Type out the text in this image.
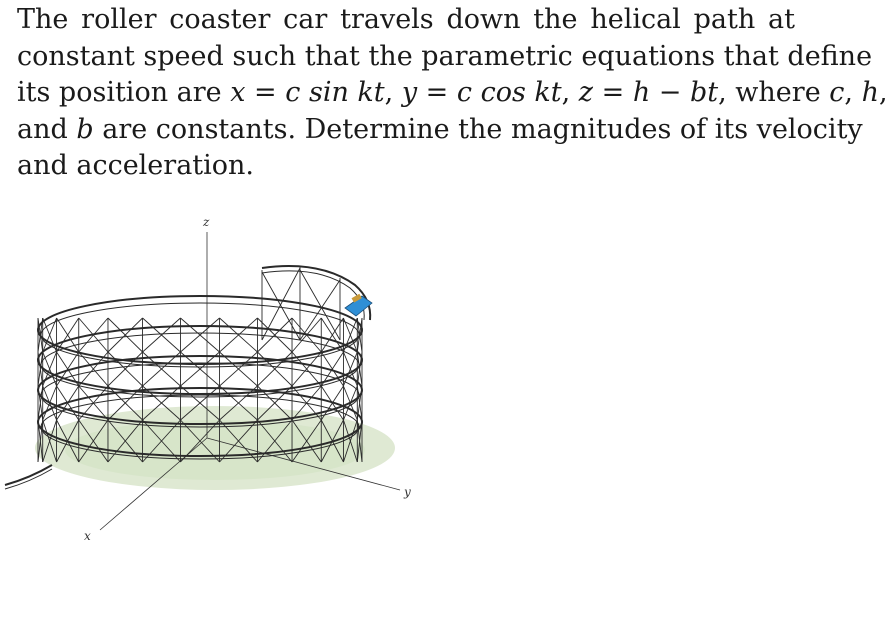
The roller coaster car travels down the helical path at
constant speed such that the parametric equations that define
its position are x = c sin kt, y = c cos kt, z = h − bt, where c, h,
and b are constants. Determine the magnitudes of its velocity
and acceleration.
z
y
x
